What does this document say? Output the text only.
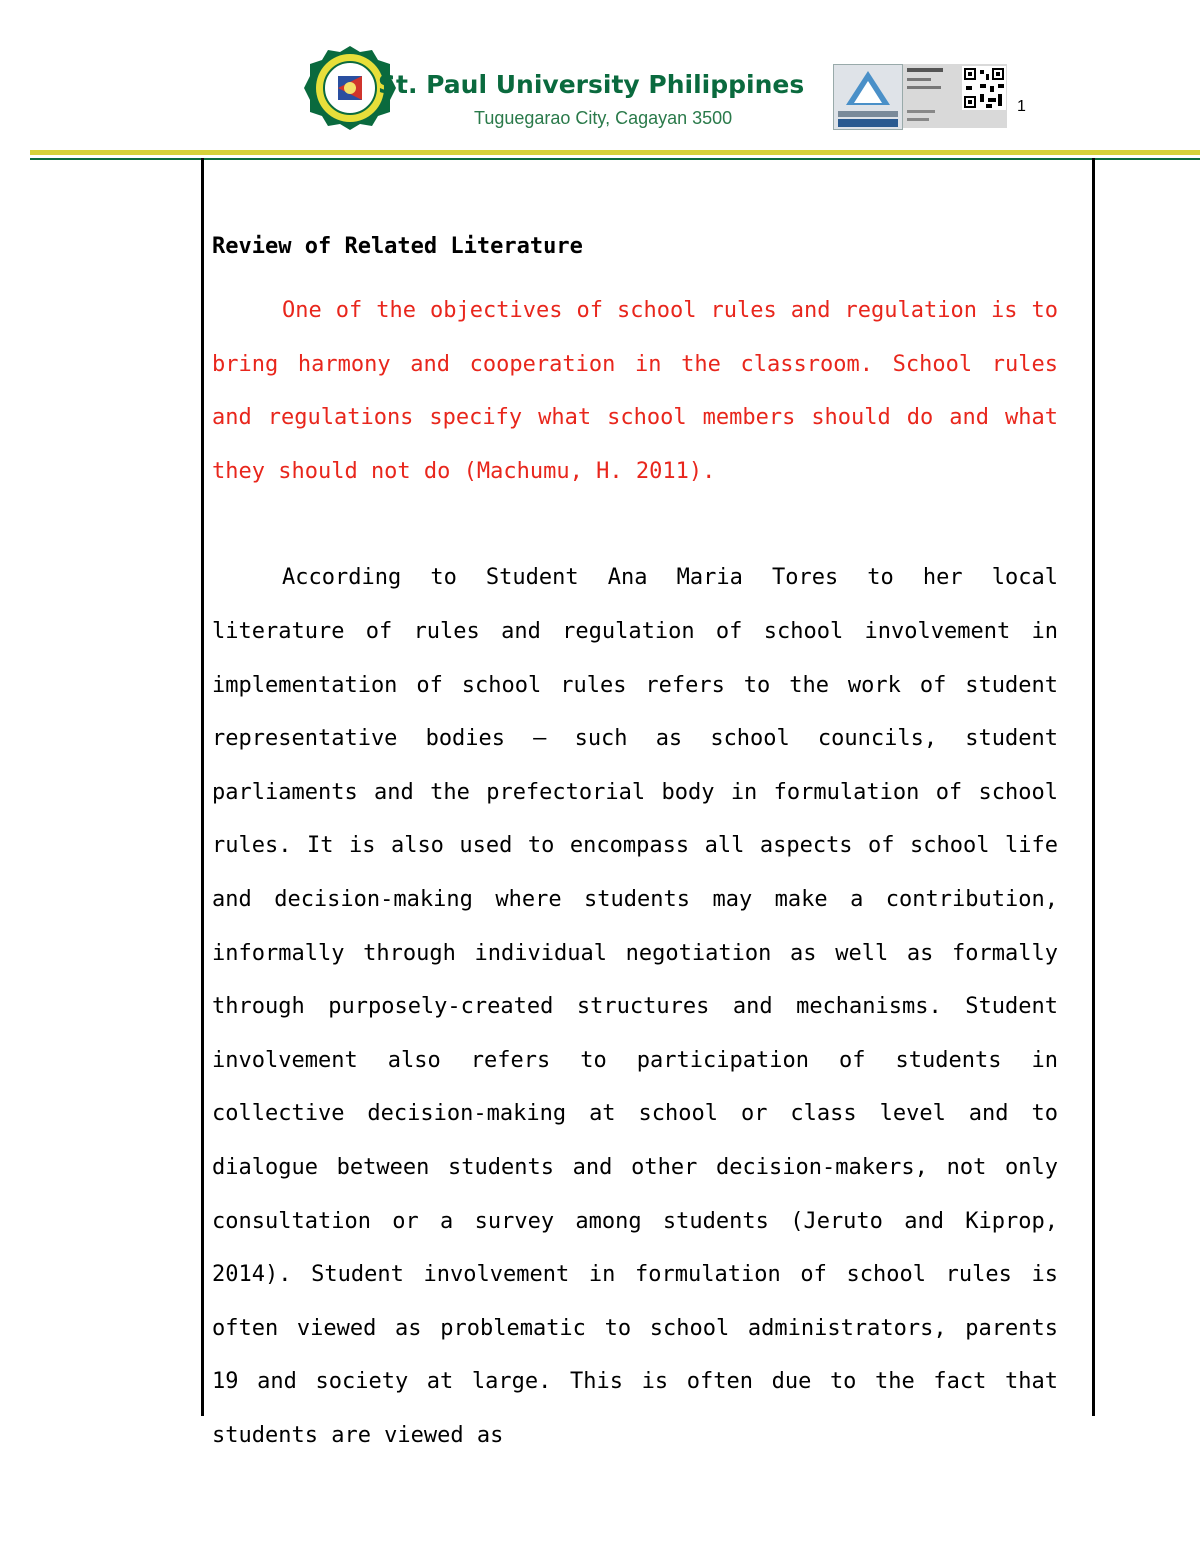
St. Paul University Philippines
Tuguegarao City, Cagayan 3500
1

Review of Related Literature

One of the objectives of school rules and regulation is to bring harmony and cooperation in the classroom. School rules and regulations specify what school members should do and what they should not do (Machumu, H. 2011).

According to Student Ana Maria Tores to her local literature of rules and regulation of school involvement in implementation of school rules refers to the work of student representative bodies – such as school councils, student parliaments and the prefectorial body in formulation of school rules. It is also used to encompass all aspects of school life and decision-making where students may make a contribution, informally through individual negotiation as well as formally through purposely-created structures and mechanisms. Student involvement also refers to participation of students in collective decision-making at school or class level and to dialogue between students and other decision-makers, not only consultation or a survey among students (Jeruto and Kiprop, 2014). Student involvement in formulation of school rules is often viewed as problematic to school administrators, parents 19 and society at large. This is often due to the fact that students are viewed as
